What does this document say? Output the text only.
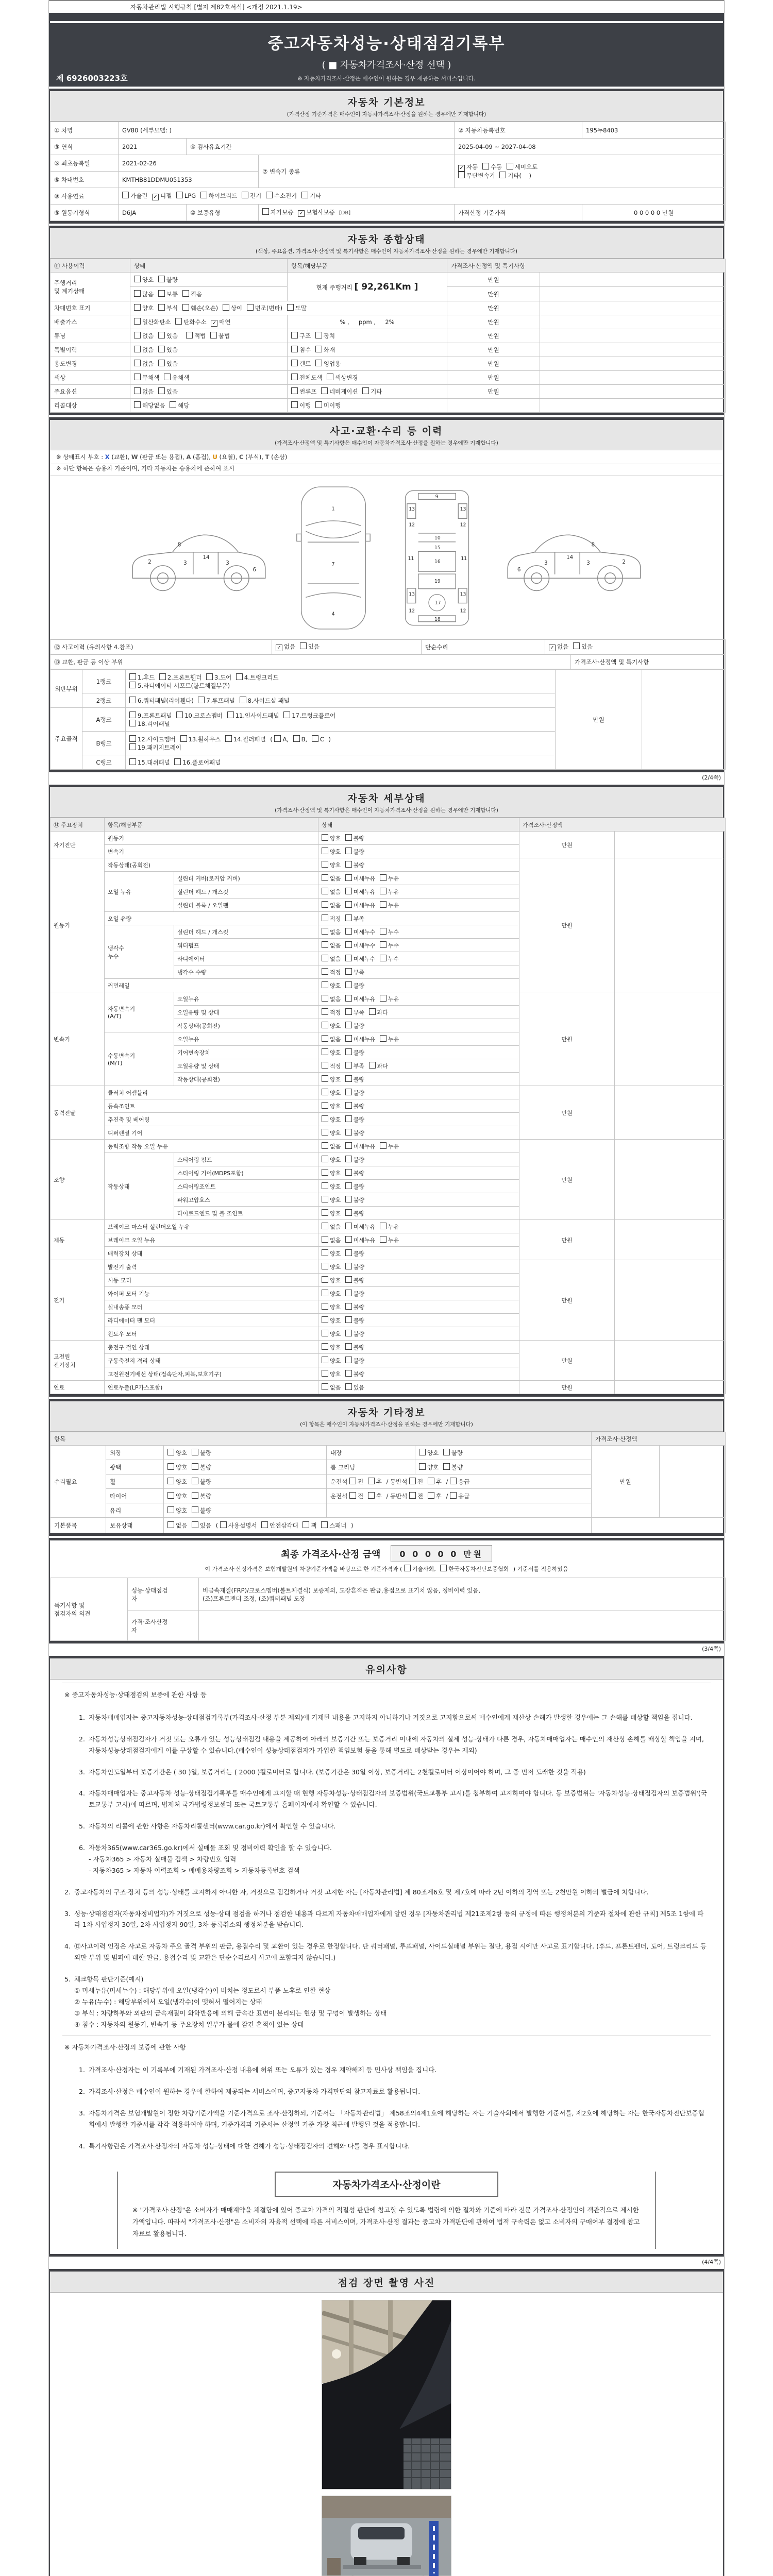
자동차관리법 시행규칙 [별지 제82호서식] <개정 2021.1.19>
중고자동차성능·상태점검기록부
( ■ 자동차가격조사·산정 선택 )
※ 자동차가격조사·산정은 매수인이 원하는 경우 제공하는 서비스입니다.
제 6926003223호
자동차 기본정보
(가격산정 기준가격은 매수인이 자동차가격조사·산정을 원하는 경우에만 기재합니다)
① 차명	GV80 (세부모델: )			② 자동차등록번호	195누8403
③ 연식	2021	④ 검사유효기간		2025-04-09 ~ 2027-04-08	
⑤ 최초등록일	2021-02-26		⑦ 변속기 종류	✓ 자동 수동 세미오토
무단변속기 기타(    )	
⑥ 차대번호	KMTHB81DDMU051353				
⑧ 사용연료	가솔린 ✓ 디젤 LPG 하이브리드 전기 수소전기 기타				
⑨ 원동기형식	D6JA	⑩ 보증유형	자가보증 ✓ 보험사보증 [DB]	가격산정 기준가격	0 0 0 0 0 만원
자동차 종합상태
(색상, 주요옵션, 가격조사·산정액 및 특기사항은 매수인이 자동차가격조사·산정을 원하는 경우에만 기재합니다)
⑪ 사용이력	상태	항목/해당부품	가격조사·산정액 및 특기사항	
주행거리
및 계기상태	양호 불량	현재 주행거리 [ 92,261Km ]	만원	
	많음 보통 적음		만원	
차대번호 표기	양호 부식 훼손(오손) 상이 변조(변타) 도말		만원	
배출가스	일산화탄소 탄화수소 ✓ 매연	% ,     ppm ,     2%	만원	
튜닝	없음 있음 적법 불법	구조 장치	만원	
특별이력	없음 있음	침수 화재	만원	
용도변경	없음 있음	렌트 영업용	만원	
색상	무채색 유채색	전체도색 색상변경	만원	
주요옵션	없음 있음	썬루프 네비게이션 기타	만원	
리콜대상	해당없음 해당	이행 미이행		
사고·교환·수리 등 이력
(가격조사·산정액 및 특기사항은 매수인이 자동차가격조사·산정을 원하는 경우에만 기재합니다)
※ 상태표시 부호 : X (교환), W (판금 또는 용접), A (흠집), U (요철), C (부식), T (손상)
※ 하단 항목은 승용차 기준이며, 기타 자동차는 승용차에 준하여 표시
2
8
3
14
3
6
1
7
4
9
13	13
12	12
10
15
11	11
16
19
13	13
12	12
17
18
6
3
14
3
8
2
⑫ 사고이력 (유의사항 4.참조)	✓ 없음 있음	단순수리	✓ 없음 있음
⑬ 교환, 판금 등 이상 부위	가격조사·산정액 및 특기사항
외판부위	1랭크	1.후드 2.프론트휀더 3.도어 4.트렁크리드
5.라디에이터 서포트(볼트체결부품)	만원	
	2랭크	6.쿼터패널(리어휀다) 7.루프패널 8.사이드실 패널		
주요골격	A랭크	9.프론트패널 10.크로스멤버 11.인사이드패널 17.트렁크플로어
18.리어패널		
	B랭크	12.사이드멤버 13.휠하우스 14.필러패널 ( A, B, C )
19.패키지트레이		
	C랭크	15.대쉬패널 16.플로어패널		
(2/4쪽)
자동차 세부상태
(가격조사·산정액 및 특기사항은 매수인이 자동차가격조사·산정을 원하는 경우에만 기재합니다)
⑭ 주요장치	항목/해당부품		상태	가격조사·산정액	
자기진단	원동기		양호 불량	만원	
	변속기		양호 불량		
원동기	작동상태(공회전)		양호 불량	만원	
	오일 누유	실린더 커버(로커암 커버)	없음 미세누유 누유		
		실린더 헤드 / 개스킷	없음 미세누유 누유		
		실린더 블록 / 오일팬	없음 미세누유 누유		
	오일 유량		적정 부족		
	냉각수
누수	실린더 헤드 / 개스킷	없음 미세누수 누수		
		워터펌프	없음 미세누수 누수		
		라디에이터	없음 미세누수 누수		
		냉각수 수량	적정 부족		
	커먼레일		양호 불량		
변속기	자동변속기
(A/T)	오일누유	없음 미세누유 누유	만원	
		오일유량 및 상태	적정 부족 과다		
		작동상태(공회전)	양호 불량		
	수동변속기
(M/T)	오일누유	없음 미세누유 누유		
		기어변속장치	양호 불량		
		오일유량 및 상태	적정 부족 과다		
		작동상태(공회전)	양호 불량		
동력전달	클러치 어셈블리		양호 불량	만원	
	등속조인트		양호 불량		
	추진축 및 베어링		양호 불량		
	디퍼렌셜 기어		양호 불량		
조향	동력조향 작동 오일 누유		없음 미세누유 누유	만원	
	작동상태	스티어링 펌프	양호 불량		
		스티어링 기어(MDPS포함)	양호 불량		
		스티어링조인트	양호 불량		
		파워고압호스	양호 불량		
		타이로드엔드 및 볼 조인트	양호 불량		
제동	브레이크 마스터 실린더오일 누유		없음 미세누유 누유	만원	
	브레이크 오일 누유		없음 미세누유 누유		
	배력장치 상태		양호 불량		
전기	발전기 출력		양호 불량	만원	
	시동 모터		양호 불량		
	와이퍼 모터 기능		양호 불량		
	실내송풍 모터		양호 불량		
	라디에이터 팬 모터		양호 불량		
	윈도우 모터		양호 불량		
고전원
전기장치	충전구 절연 상태		양호 불량	만원	
	구동축전지 격리 상태		양호 불량		
	고전원전기배선 상태(접속단자,피복,보호기구)		양호 불량		
연료	연료누출(LP가스포함)		없음 있음	만원	
자동차 기타정보
(이 항목은 매수인이 자동차가격조사·산정을 원하는 경우에만 기재합니다)
항목					가격조사·산정액	
수리필요	외장	양호 불량	내장	양호 불량	만원	
	광택	양호 불량	룸 크리닝	양호 불량		
	휠	양호 불량	운전석 전 후 / 동반석 전 후 / 응급			
	타이어	양호 불량	운전석 전 후 / 동반석 전 후 / 응급			
	유리	양호 불량				
기본품목	보유상태	없음 있음 ( 사용설명서 안전삼각대 잭 스패너 )				
최종 가격조사·산정 금액	0 0 0 0 0 만원
이 가격조사·산정가격은 보험개발원의 차량기준가액을 바탕으로 한 기준가격과 ( 기술사회, 한국자동차진단보증협회 ) 기준서를 적용하였음
특기사항 및
점검자의 의견	성능·상태점검
자	비금속재질(FRP)/크로스멤버(볼트체결식) 보증제외, 도장흔적은 판금,용접으로 표기치 않음, 정비이력 있음,
(조)프론트펜더 조정, (조)쿼터패널 도장
	가격·조사산정
자	
(3/4쪽)
유의사항
※ 중고자동차성능·상태점검의 보증에 관한 사항 등
1. 자동차매매업자는 중고자동차성능·상태점검기록부(가격조사·산정 부분 제외)에 기재된 내용을 고지하지 아니하거나 거짓으로 고지함으로써 매수인에게 재산상 손해가 발생한 경우에는 그 손해를 배상할 책임을 집니다.
2. 자동차성능상태점검자가 거짓 또는 오류가 있는 성능상태점검 내용을 제공하여 아래의 보증기간 또는 보증거리 이내에 자동차의 실제 성능·상태가 다른 경우, 자동차매매업자는 매수인의 재산상 손해를 배상할 책임을 지며, 자동차성능상태점검자에게 이를 구상할 수 있습니다.(매수인이 성능상태점검자가 가입한 책임보험 등을 통해 별도로 배상받는 경우는 제외)
3. 자동차인도일부터 보증기간은 ( 30 )일, 보증거리는 ( 2000 )킬로미터로 합니다. (보증기간은 30일 이상, 보증거리는 2천킬로미터 이상이어야 하며, 그 중 먼저 도래한 것을 적용)
4. 자동차매매업자는 중고자동차 성능·상태점검기록부를 매수인에게 고지할 때 현행 자동차성능·상태점검자의 보증범위(국토교통부 고시)를 첨부하여 고지하여야 합니다. 동 보증범위는 '자동차성능·상태점검자의 보증범위'(국토교통부 고시)에 따르며, 법제처 국가법령정보센터 또는 국토교통부 홈페이지에서 확인할 수 있습니다.
5. 자동차의 리콜에 관한 사항은 자동차리콜센터(www.car.go.kr)에서 확인할 수 있습니다.
6. 자동차365(www.car365.go.kr)에서 실매물 조회 및 정비이력 확인을 할 수 있습니다.
- 자동차365 > 자동차 실매물 검색 > 차량번호 입력
- 자동차365 > 자동차 이력조회 > 매매용차량조회 > 자동차등록번호 검색
2. 중고자동차의 구조·장치 등의 성능·상태를 고지하지 아니한 자, 거짓으로 점검하거나 거짓 고지한 자는 [자동차관리법] 제 80조제6호 및 제7호에 따라 2년 이하의 징역 또는 2천만원 이하의 벌금에 처합니다.
3. 성능·상태점검자(자동차정비업자)가 거짓으로 성능·상태 점검을 하거나 점검한 내용과 다르게 자동차매매업자에게 알린 경우 [자동차관리법 제21조제2항 등의 규정에 따른 행정처분의 기준과 절차에 관한 규칙] 제5조 1항에 따라 1차 사업정지 30일, 2차 사업정지 90일, 3차 등록취소의 행정처분을 받습니다.
4. ⑫사고이력 인정은 사고로 자동차 주요 골격 부위의 판금, 용접수리 및 교환이 있는 경우로 한정합니다. 단 쿼터패널, 루프패널, 사이드실패널 부위는 절단, 용접 시에만 사고로 표기합니다. (후드, 프론트펜더, 도어, 트렁크리드 등 외판 부위 및 범퍼에 대한 판금, 용접수리 및 교환은 단순수리로서 사고에 포함되지 않습니다.)
5. 체크항목 판단기준(예시)
① 미세누유(미세누수) : 해당부위에 오일(냉각수)이 비치는 정도로서 부품 노후로 인한 현상
② 누유(누수) : 해당부위에서 오일(냉각수)이 맺혀서 떨어지는 상태
③ 부식 : 차량하부와 외판의 금속재질이 화학반응에 의해 금속간 표면이 분리되는 현상 및 구멍이 발생하는 상태
④ 침수 : 자동차의 원동기, 변속기 등 주요장치 일부가 물에 잠긴 흔적이 있는 상태
※ 자동차가격조사·산정의 보증에 관한 사항
1. 가격조사·산정자는 이 기록부에 기재된 가격조사·산정 내용에 허위 또는 오류가 있는 경우 계약해제 등 민사상 책임을 집니다.
2. 가격조사·산정은 매수인이 원하는 경우에 한하여 제공되는 서비스이며, 중고자동차 가격판단의 참고자료로 활용됩니다.
3. 자동차가격은 보험개발원이 정한 차량기준가액을 기준가격으로 조사·산정하되, 기준서는 「자동차관리법」 제58조의4제1호에 해당하는 자는 기술사회에서 발행한 기준서를, 제2호에 해당하는 자는 한국자동차진단보증협회에서 발행한 기준서를 각각 적용하여야 하며, 기준가격과 기준서는 산정일 기준 가장 최근에 발행된 것을 적용합니다.
4. 특기사항란은 가격조사·산정자의 자동차 성능·상태에 대한 견해가 성능·상태점검자의 견해와 다를 경우 표시합니다.
자동차가격조사·산정이란
※ "가격조사·산정"은 소비자가 매매계약을 체결함에 있어 중고차 가격의 적절성 판단에 참고할 수 있도록 법령에 의한 절차와 기준에 따라 전문 가격조사·산정인이 객관적으로 제시한 가액입니다. 따라서 "가격조사·산정"은 소비자의 자율적 선택에 따른 서비스이며, 가격조사·산정 결과는 중고차 가격판단에 관하여 법적 구속력은 없고 소비자의 구매여부 결정에 참고자료로 활용됩니다.
(4/4쪽)
점검 장면 촬영 사진
